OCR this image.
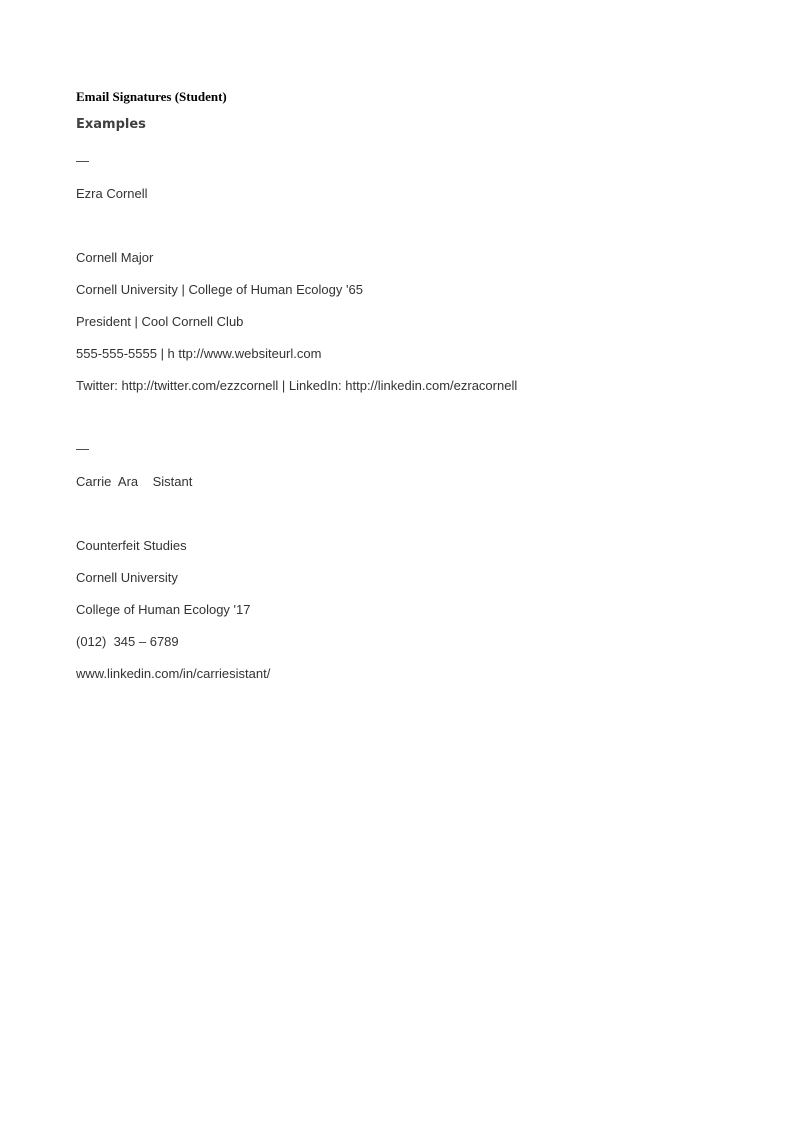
Email Signatures (Student)
Examples
—
Ezra Cornell
Cornell Major
Cornell University | College of Human Ecology '65
President | Cool Cornell Club
555-555-5555 | h ttp://www.websiteurl.com
Twitter: http://twitter.com/ezzcornell | LinkedIn: http://linkedin.com/ezracornell
—
Carrie  Ara    Sistant
Counterfeit Studies
Cornell University
College of Human Ecology '17
(012)  345 – 6789
www.linkedin.com/in/carriesistant/
